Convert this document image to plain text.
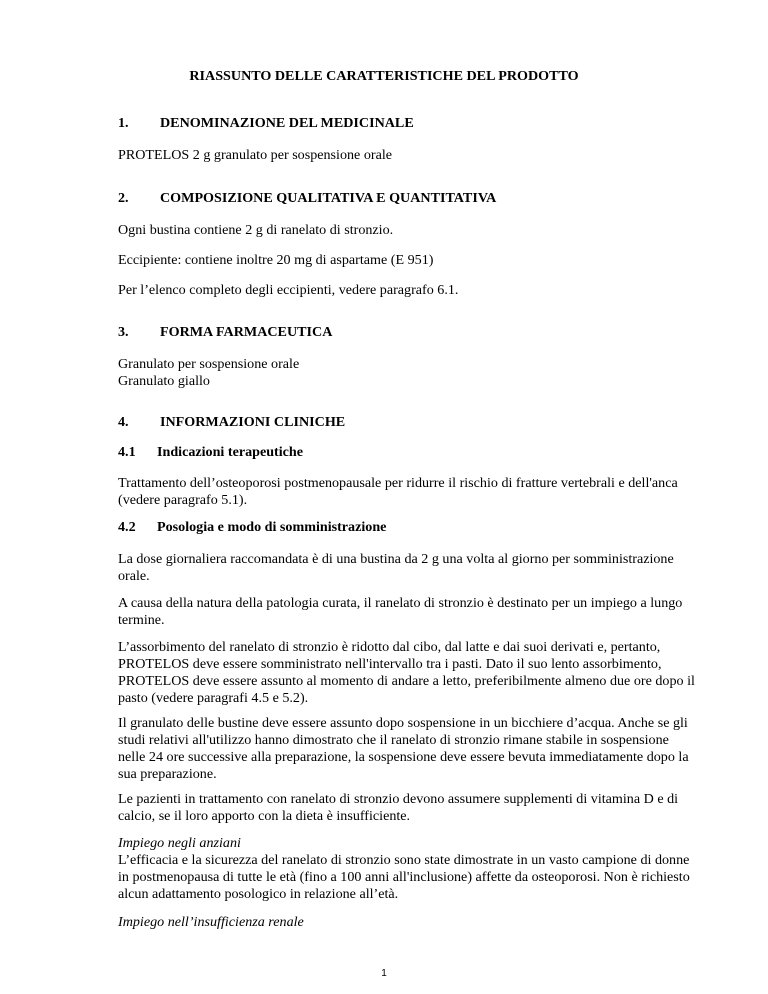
RIASSUNTO DELLE CARATTERISTICHE DEL PRODOTTO
1. DENOMINAZIONE DEL MEDICINALE
PROTELOS 2 g granulato per sospensione orale
2. COMPOSIZIONE QUALITATIVA E QUANTITATIVA
Ogni bustina contiene 2 g di ranelato di stronzio.
Eccipiente: contiene inoltre 20 mg di aspartame (E 951)
Per l’elenco completo degli eccipienti, vedere paragrafo 6.1.
3. FORMA FARMACEUTICA
Granulato per sospensione orale
Granulato giallo
4. INFORMAZIONI CLINICHE
4.1 Indicazioni terapeutiche
Trattamento dell’osteoporosi postmenopausale per ridurre il rischio di fratture vertebrali e dell'anca
(vedere paragrafo 5.1).
4.2 Posologia e modo di somministrazione
La dose giornaliera raccomandata è di una bustina da 2 g una volta al giorno per somministrazione
orale.
A causa della natura della patologia curata, il ranelato di stronzio è destinato per un impiego a lungo
termine.
L’assorbimento del ranelato di stronzio è ridotto dal cibo, dal latte e dai suoi derivati e, pertanto,
PROTELOS deve essere somministrato nell'intervallo tra i pasti. Dato il suo lento assorbimento,
PROTELOS deve essere assunto al momento di andare a letto, preferibilmente almeno due ore dopo il
pasto (vedere paragrafi 4.5 e 5.2).
Il granulato delle bustine deve essere assunto dopo sospensione in un bicchiere d’acqua. Anche se gli
studi relativi all'utilizzo hanno dimostrato che il ranelato di stronzio rimane stabile in sospensione
nelle 24 ore successive alla preparazione, la sospensione deve essere bevuta immediatamente dopo la
sua preparazione.
Le pazienti in trattamento con ranelato di stronzio devono assumere supplementi di vitamina D e di
calcio, se il loro apporto con la dieta è insufficiente.
Impiego negli anziani
L’efficacia e la sicurezza del ranelato di stronzio sono state dimostrate in un vasto campione di donne
in postmenopausa di tutte le età (fino a 100 anni all'inclusione) affette da osteoporosi. Non è richiesto
alcun adattamento posologico in relazione all’età.
Impiego nell’insufficienza renale
1
